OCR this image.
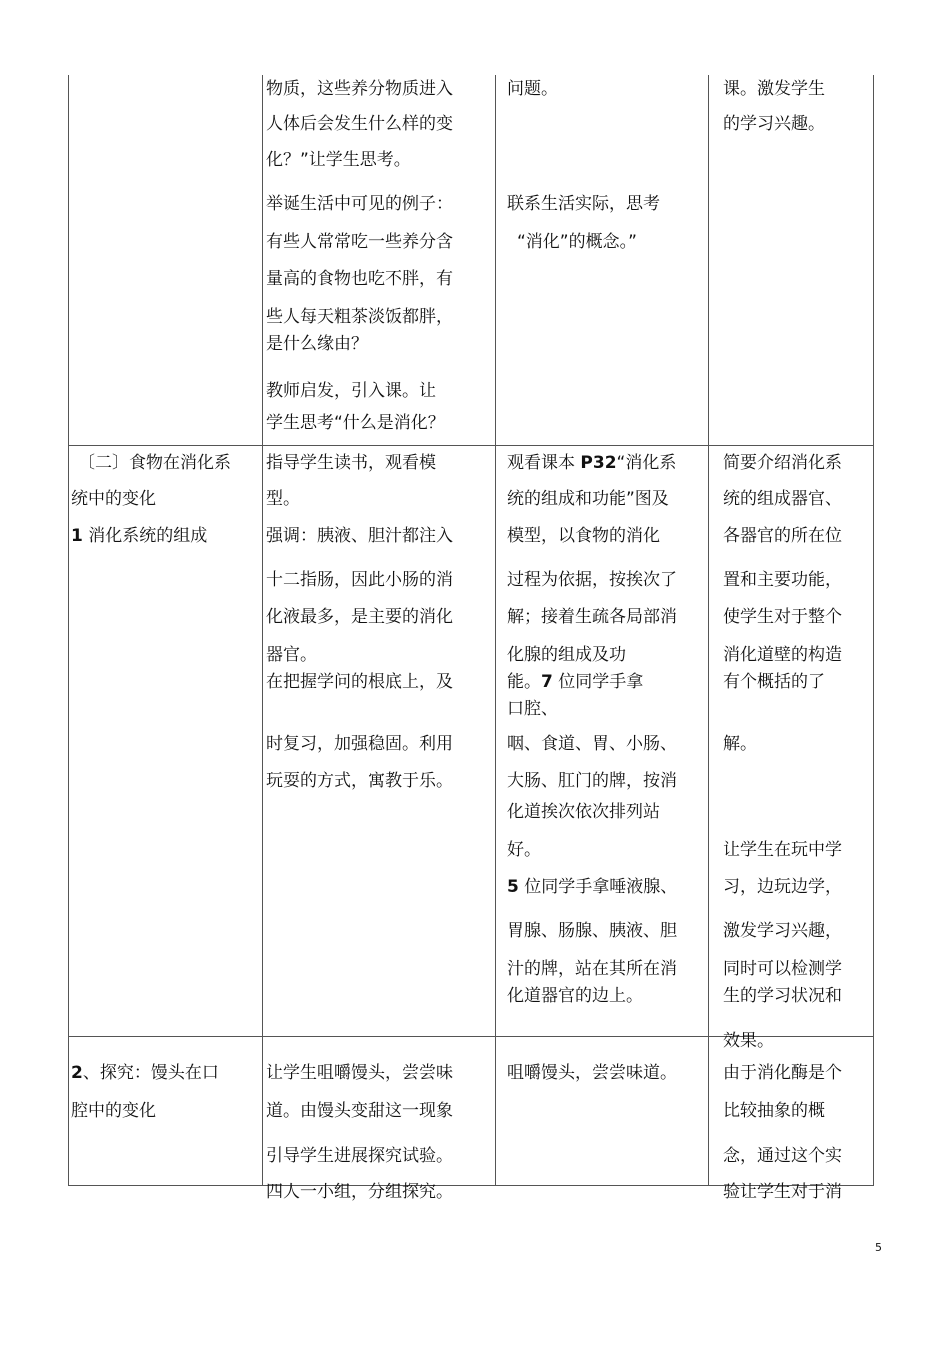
物质，这些养分物质进入
人体后会发生什么样的变
化？”让学生思考。
举诞生活中可见的例子：
有些人常常吃一些养分含
量高的食物也吃不胖，有
些人每天粗茶淡饭都胖，
是什么缘由？
教师启发，引入课。让
学生思考“什么是消化？
问题。
联系生活实际，思考
“消化”的概念。”
课。激发学生
的学习兴趣。
〔二〕食物在消化系
统中的变化
1 消化系统的组成
指导学生读书，观看模
型。
强调：胰液、胆汁都注入
十二指肠，因此小肠的消
化液最多，是主要的消化
器官。
在把握学问的根底上，及
时复习，加强稳固。利用
玩耍的方式，寓教于乐。
观看课本 P32“消化系
统的组成和功能”图及
模型，以食物的消化
过程为依据，按挨次了
解；接着生疏各局部消
化腺的组成及功
能。7 位同学手拿
口腔、
咽、食道、胃、小肠、
大肠、肛门的牌，按消
化道挨次依次排列站
好。
5 位同学手拿唾液腺、
胃腺、肠腺、胰液、胆
汁的牌，站在其所在消
化道器官的边上。
简要介绍消化系
统的组成器官、
各器官的所在位
置和主要功能，
使学生对于整个
消化道壁的构造
有个概括的了
解。
让学生在玩中学
习，边玩边学，
激发学习兴趣，
同时可以检测学
生的学习状况和
效果。
2、探究：馒头在口
腔中的变化
让学生咀嚼馒头，尝尝味
道。由馒头变甜这一现象
引导学生进展探究试验。
四人一小组，分组探究。
咀嚼馒头，尝尝味道。	由于消化酶是个
比较抽象的概
念，通过这个实
验让学生对于消
5
